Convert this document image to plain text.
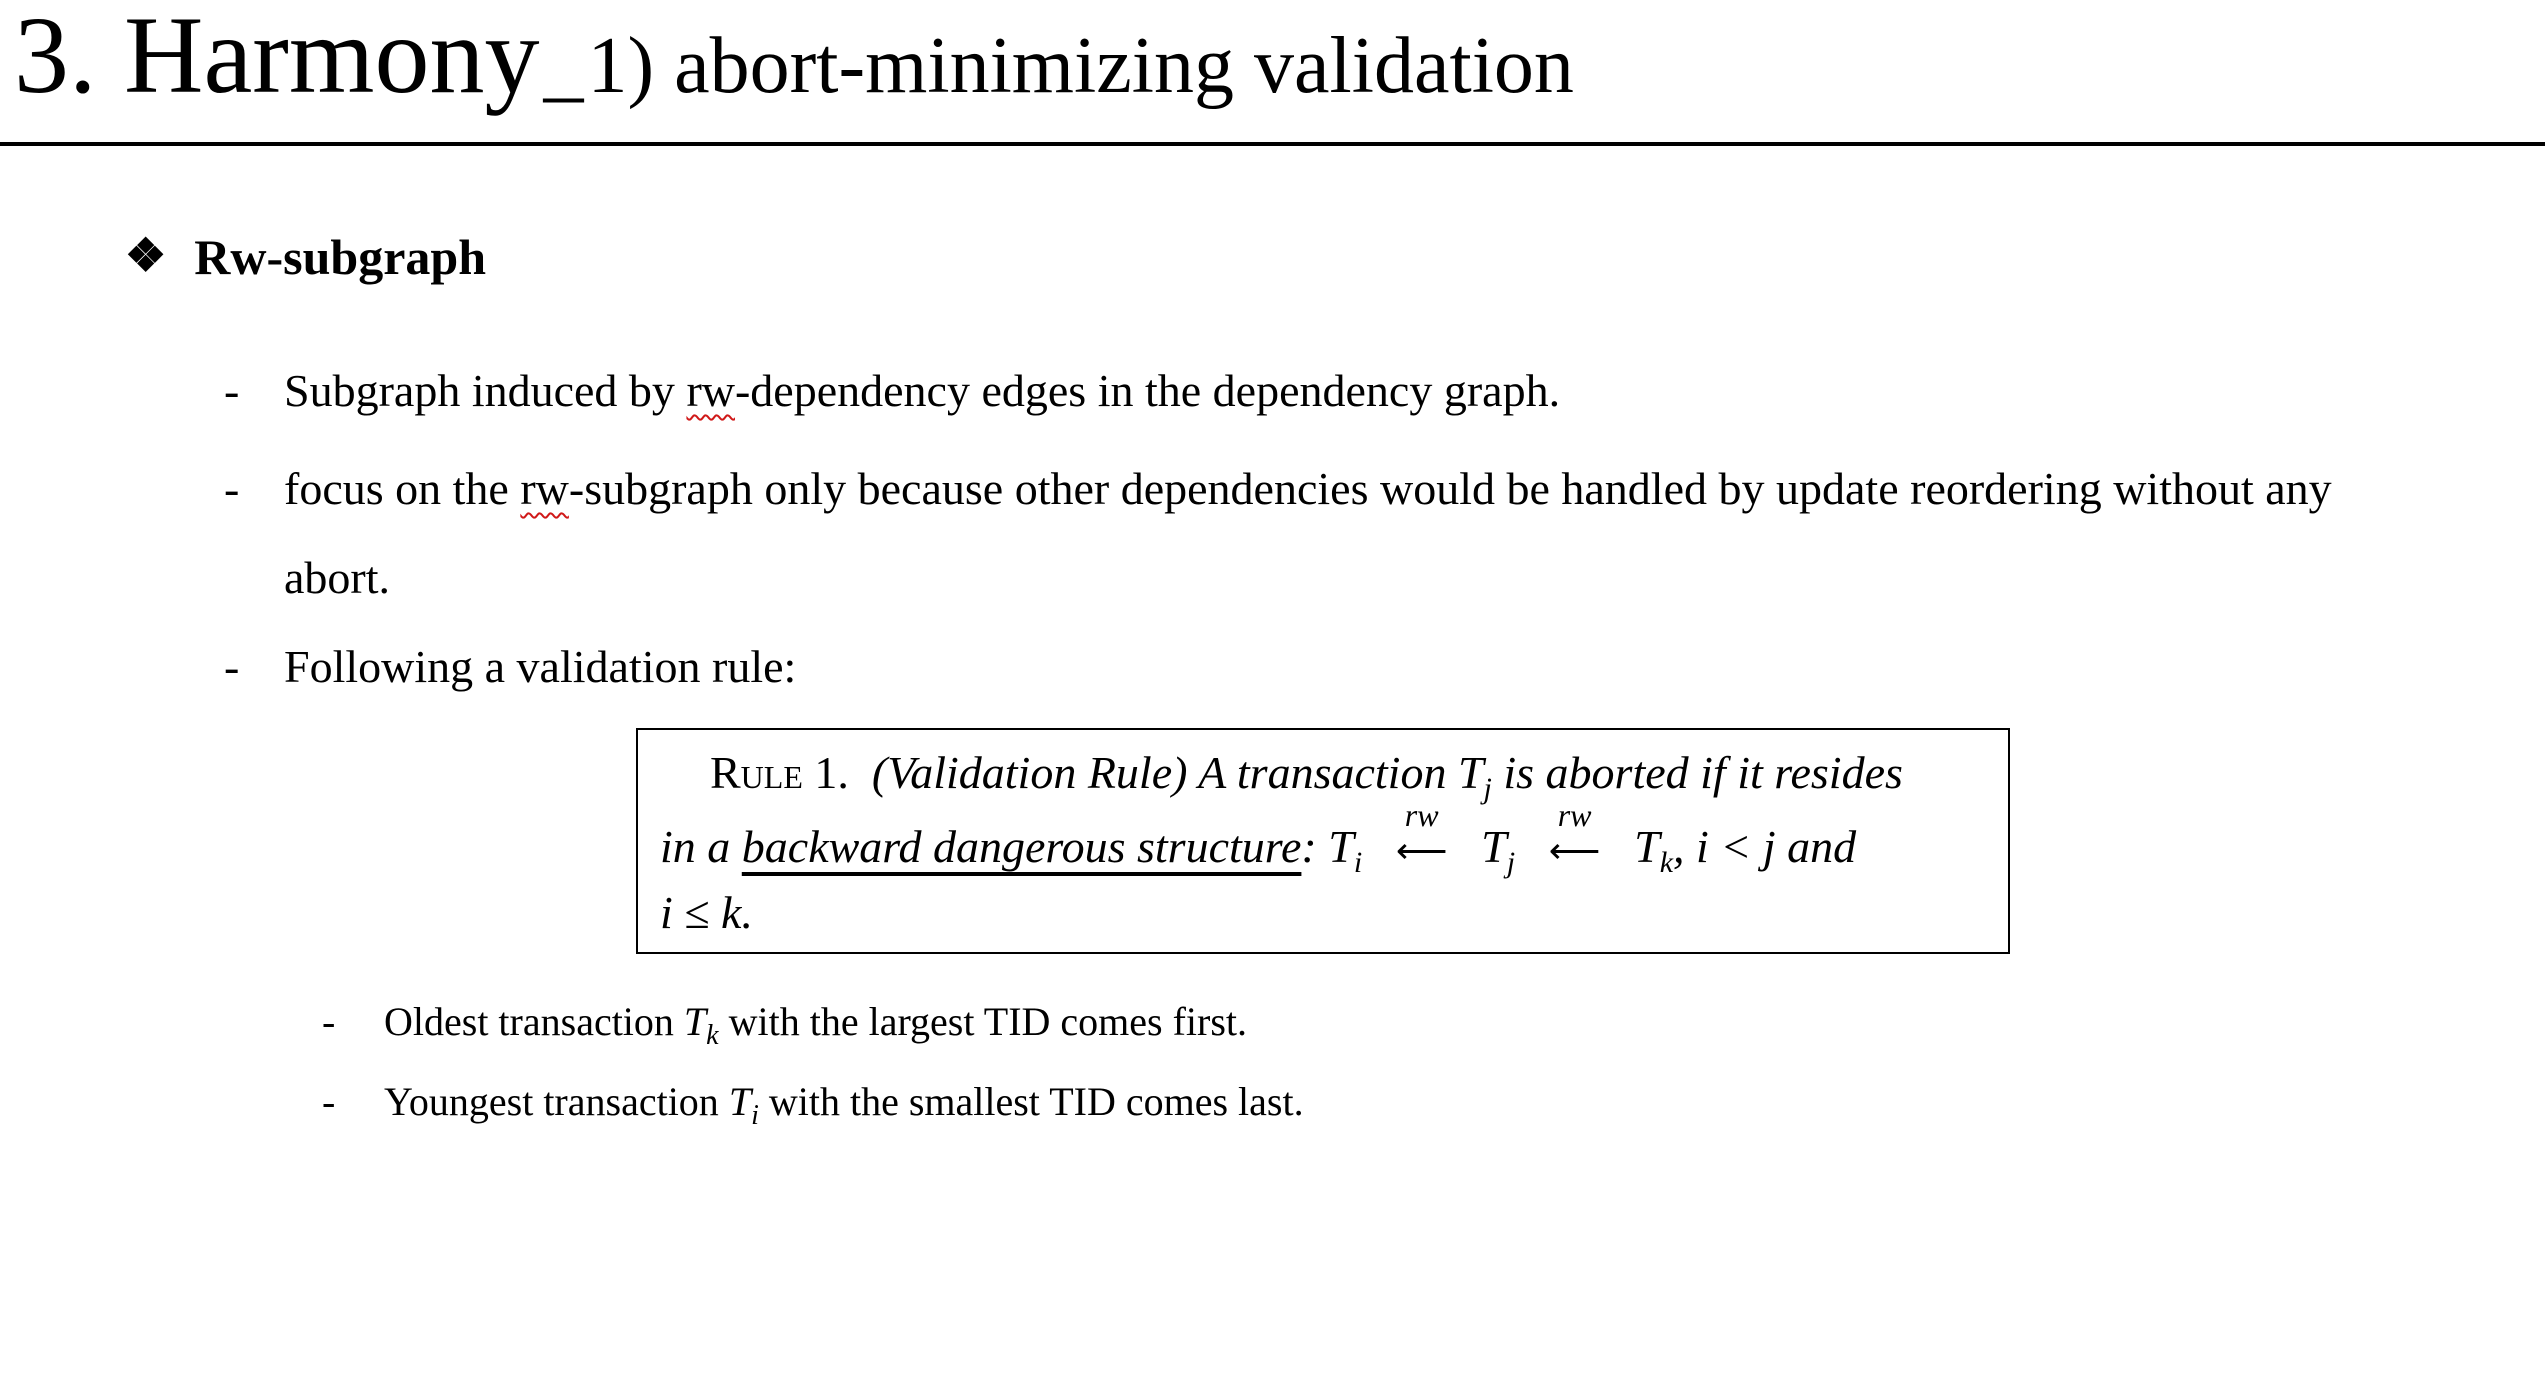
3. Harmony _ 1) abort-minimizing validation
❖ Rw-subgraph
- Subgraph induced by rw-dependency edges in the dependency graph.
- focus on the rw-subgraph only because other dependencies would be handled by update reordering without any
abort.
- Following a validation rule:
Rule 1. (Validation Rule) A transaction $T_j$ is aborted if it resides
in a backward dangerous structure: $T_i$
rw
⟵ $T_j$
rw
⟵ $T_k$, i < j and
i ≤ k.
- Oldest transaction $T_k$ with the largest TID comes first.
- Youngest transaction $T_i$ with the smallest TID comes last.
